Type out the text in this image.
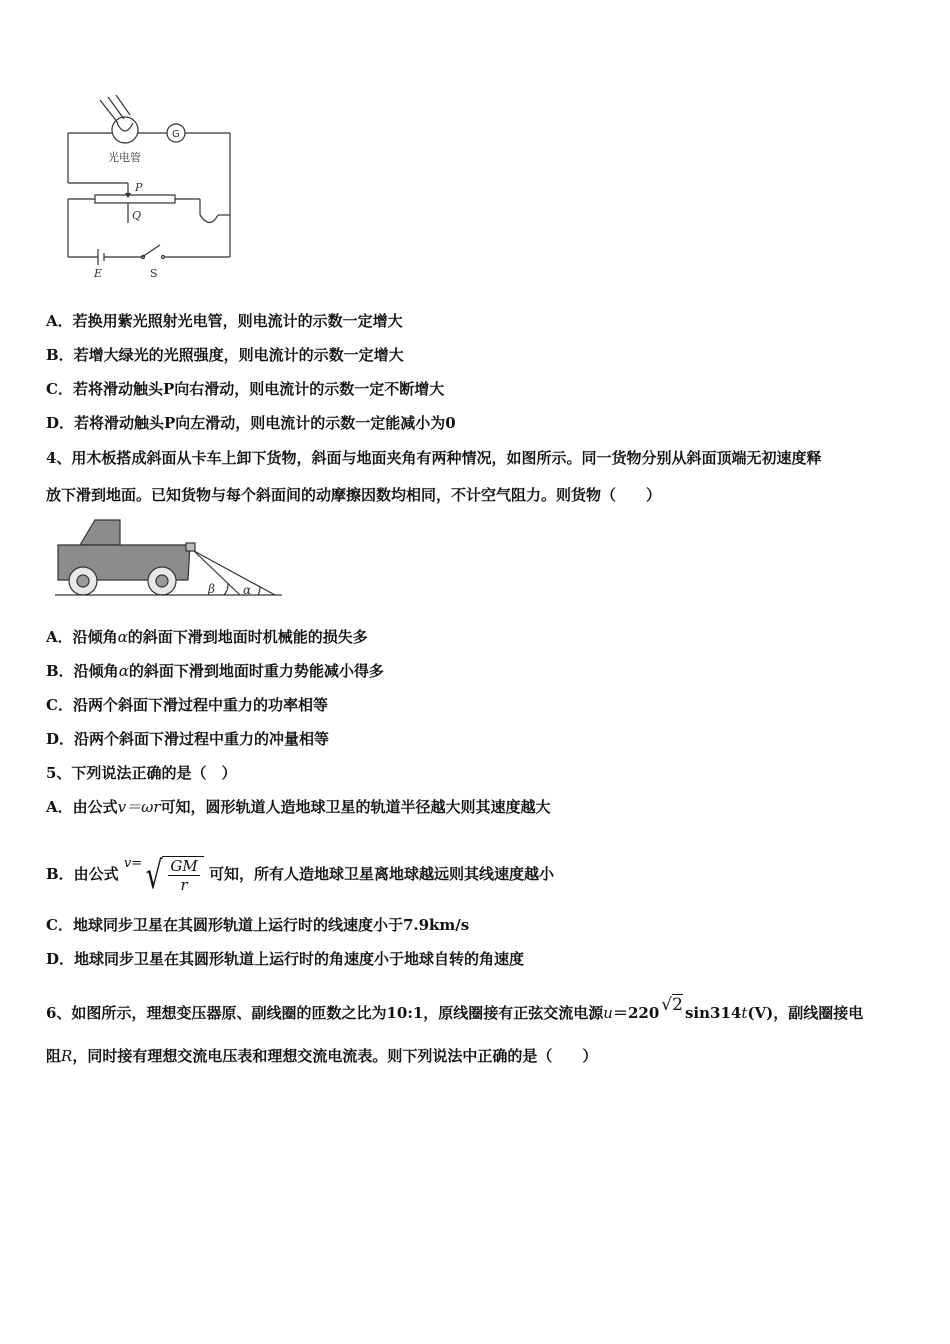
光电管
G
P
Q
E	S
A．若换用紫光照射光电管，则电流计的示数一定增大
B．若增大绿光的光照强度，则电流计的示数一定增大
C．若将滑动触头P向右滑动，则电流计的示数一定不断增大
D．若将滑动触头P向左滑动，则电流计的示数一定能减小为0
4、用木板搭成斜面从卡车上卸下货物，斜面与地面夹角有两种情况，如图所示。同一货物分别从斜面顶端无初速度释
放下滑到地面。已知货物与每个斜面间的动摩擦因数均相同，不计空气阻力。则货物（　　）
β α
A．沿倾角α的斜面下滑到地面时机械能的损失多
B．沿倾角α的斜面下滑到地面时重力势能减小得多
C．沿两个斜面下滑过程中重力的功率相等
D．沿两个斜面下滑过程中重力的冲量相等
5、下列说法正确的是（　）
A．由公式v＝ωr可知，圆形轨道人造地球卫星的轨道半径越大则其速度越大
B．由公式 v= √ $\frac{GM}{r}$ 可知，所有人造地球卫星离地球越远则其线速度越小
C．地球同步卫星在其圆形轨道上运行时的线速度小于7.9km/s
D．地球同步卫星在其圆形轨道上运行时的角速度小于地球自转的角速度
6、如图所示，理想变压器原、副线圈的匝数之比为10:1，原线圈接有正弦交流电源u＝220 √2 sin314t(V)，副线圈接电
阻R，同时接有理想交流电压表和理想交流电流表。则下列说法中正确的是（　　）
